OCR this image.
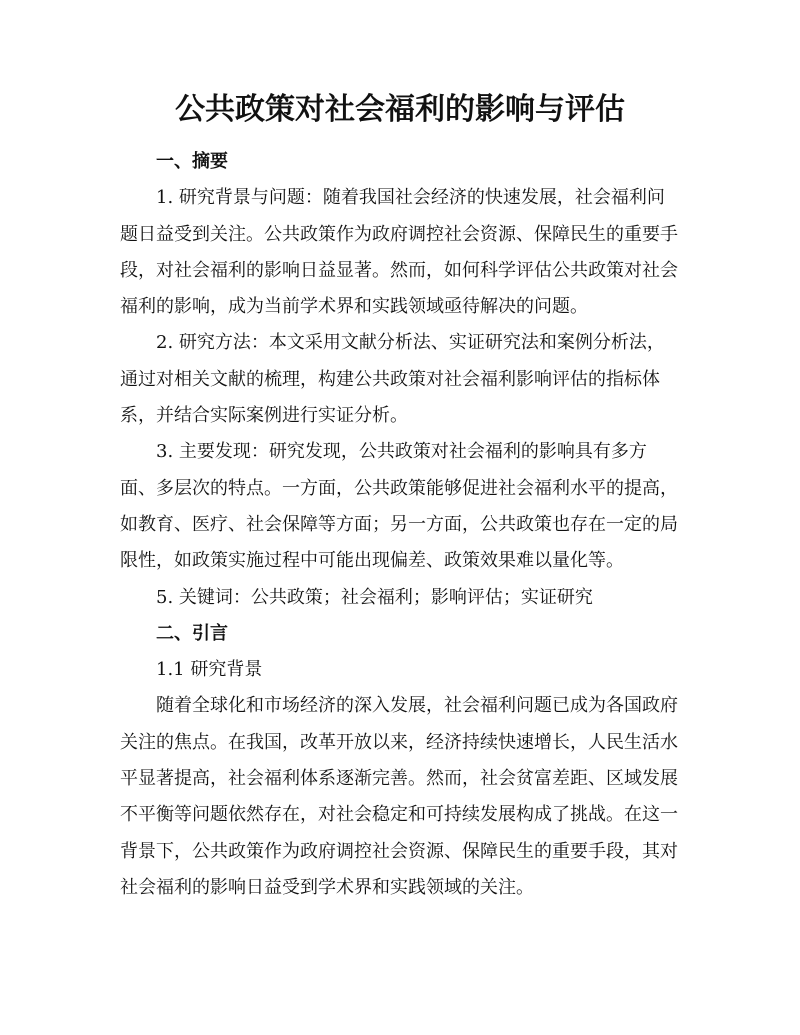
公共政策对社会福利的影响与评估

一、摘要

1. 研究背景与问题：随着我国社会经济的快速发展，社会福利问题日益受到关注。公共政策作为政府调控社会资源、保障民生的重要手段，对社会福利的影响日益显著。然而，如何科学评估公共政策对社会福利的影响，成为当前学术界和实践领域亟待解决的问题。

2. 研究方法：本文采用文献分析法、实证研究法和案例分析法，通过对相关文献的梳理，构建公共政策对社会福利影响评估的指标体系，并结合实际案例进行实证分析。

3. 主要发现：研究发现，公共政策对社会福利的影响具有多方面、多层次的特点。一方面，公共政策能够促进社会福利水平的提高，如教育、医疗、社会保障等方面；另一方面，公共政策也存在一定的局限性，如政策实施过程中可能出现偏差、政策效果难以量化等。

5. 关键词：公共政策；社会福利；影响评估；实证研究

二、引言

1.1 研究背景

随着全球化和市场经济的深入发展，社会福利问题已成为各国政府关注的焦点。在我国，改革开放以来，经济持续快速增长，人民生活水平显著提高，社会福利体系逐渐完善。然而，社会贫富差距、区域发展不平衡等问题依然存在，对社会稳定和可持续发展构成了挑战。在这一背景下，公共政策作为政府调控社会资源、保障民生的重要手段，其对社会福利的影响日益受到学术界和实践领域的关注。
